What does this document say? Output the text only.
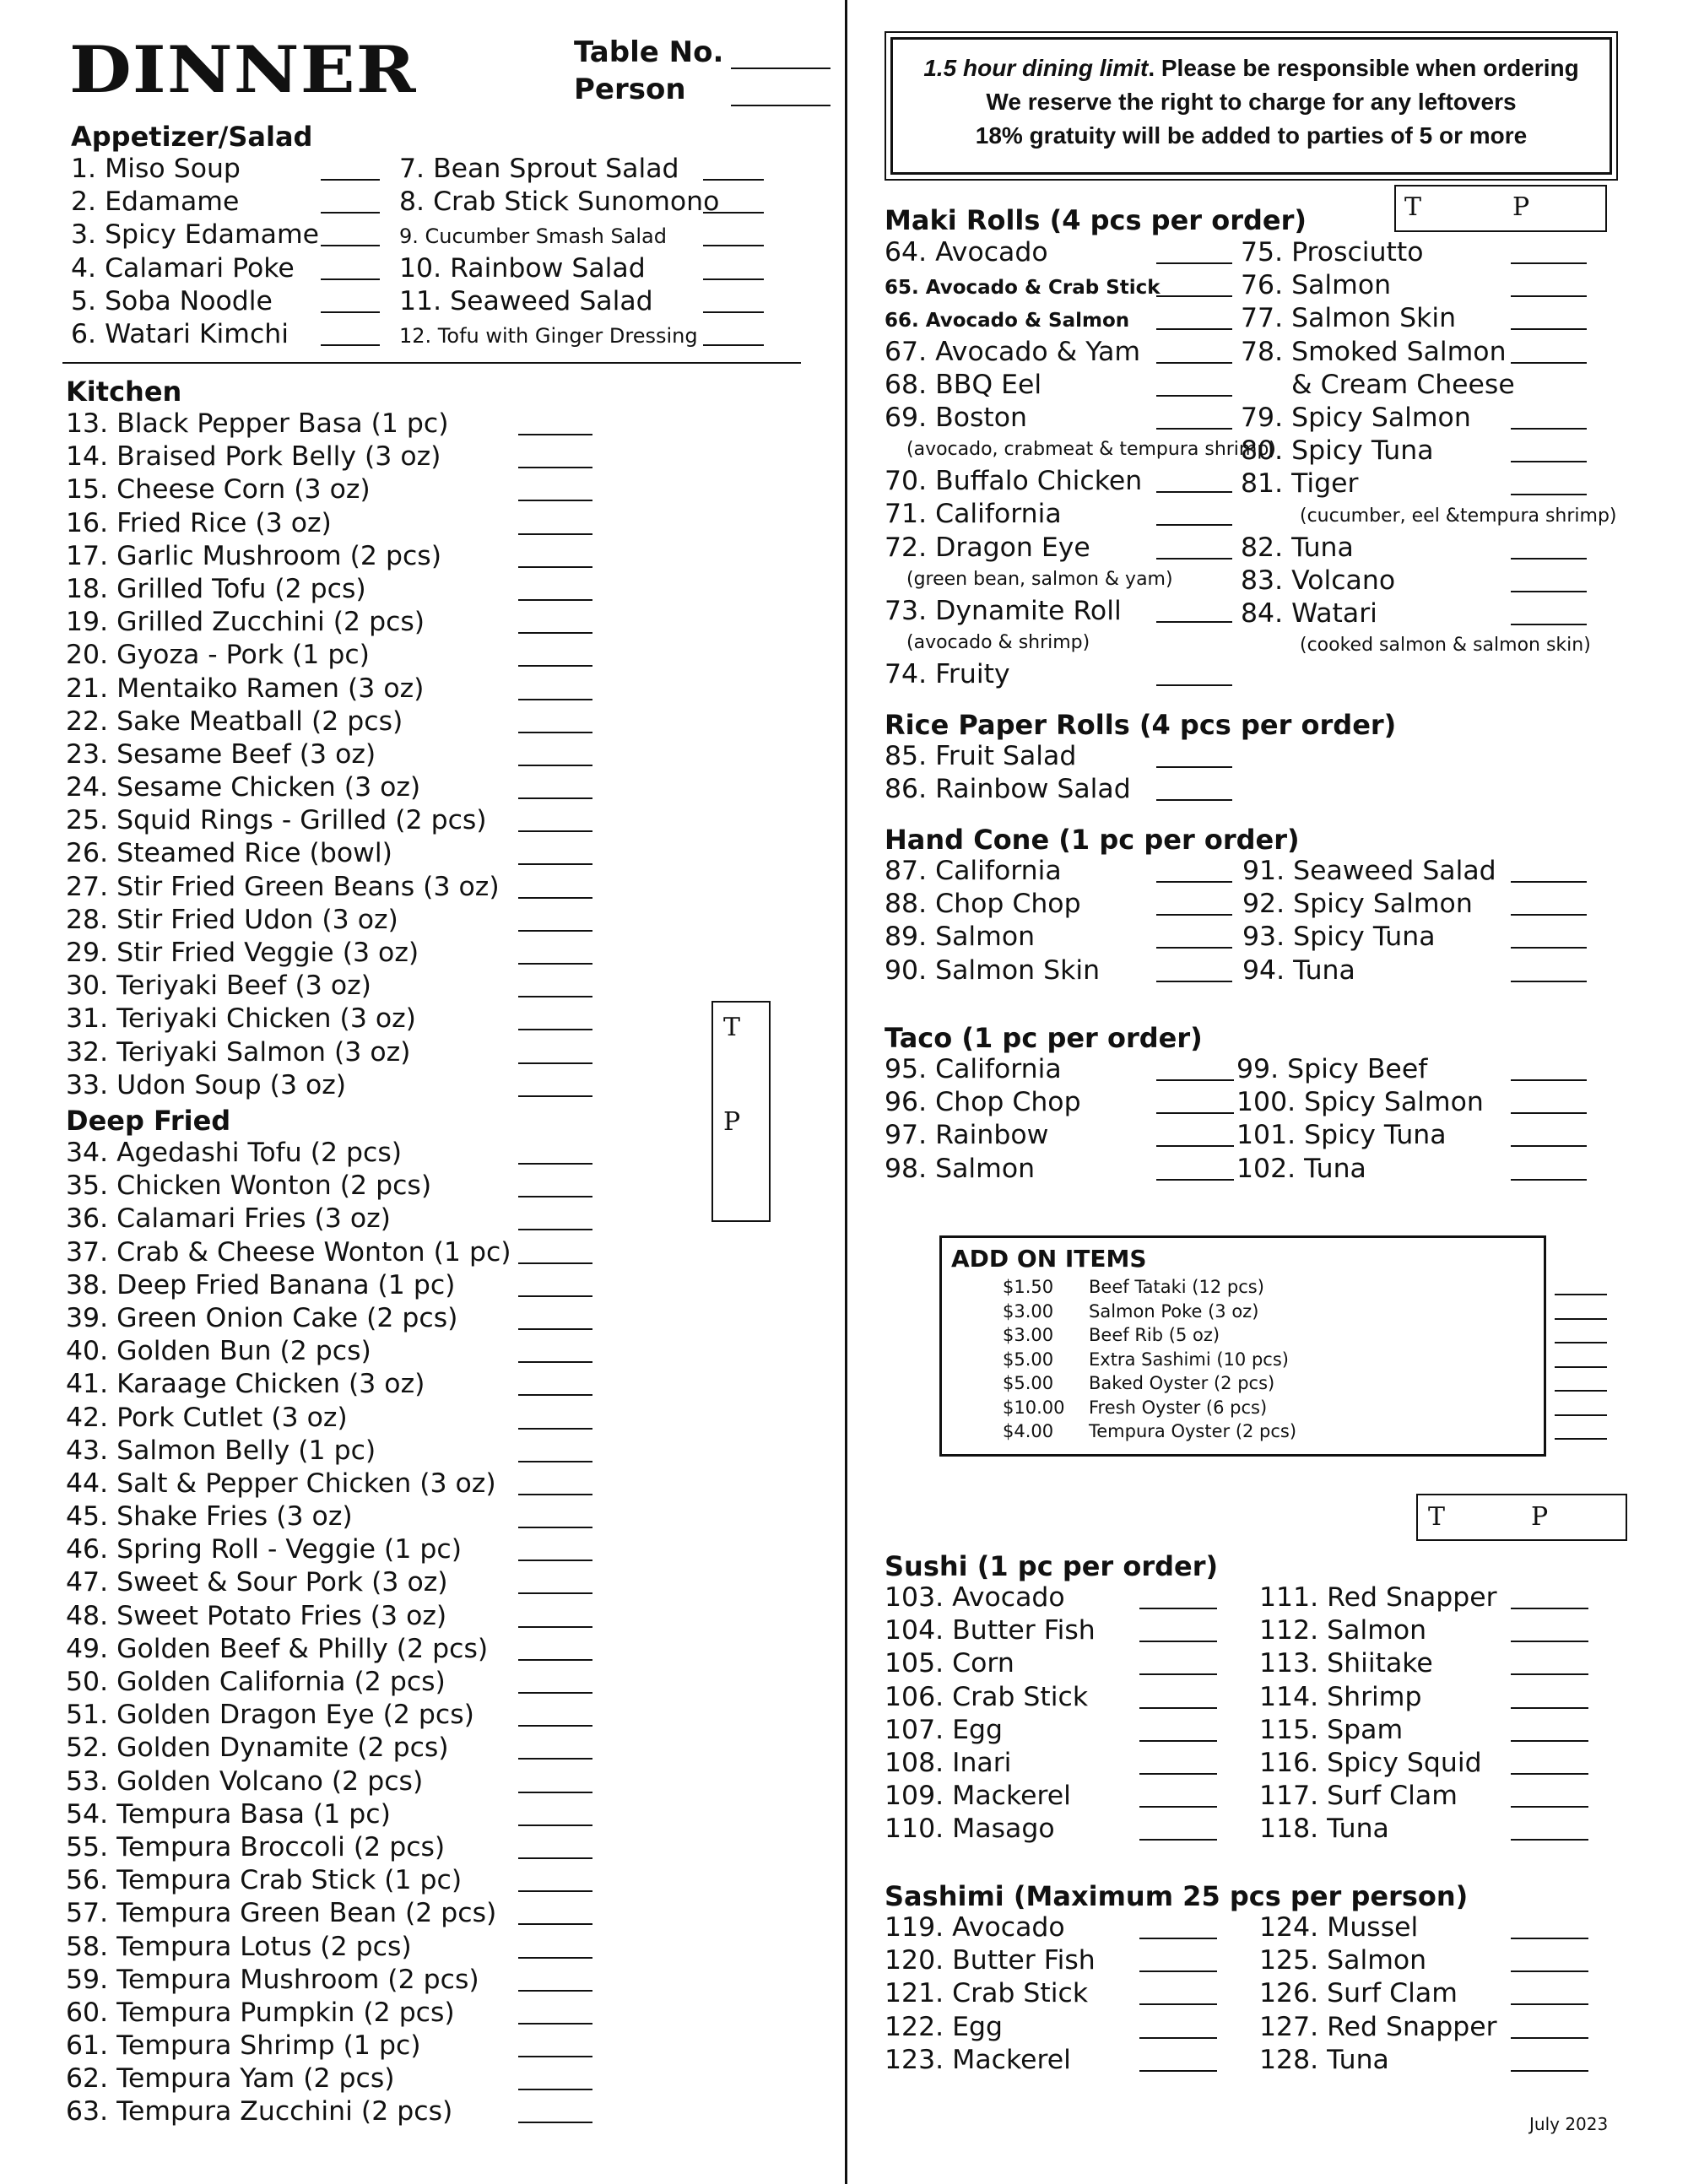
DINNER	Table No.
Person
1.5 hour dining limit. Please be responsible when ordering
We reserve the right to charge for any leftovers
18% gratuity will be added to parties of 5 or more
Appetizer/Salad
1. Miso Soup
2. Edamame
3. Spicy Edamame
4. Calamari Poke
5. Soba Noodle
6. Watari Kimchi
7. Bean Sprout Salad
8. Crab Stick Sunomono
9. Cucumber Smash Salad
10. Rainbow Salad
11. Seaweed Salad
12. Tofu with Ginger Dressing
Kitchen
13. Black Pepper Basa (1 pc)
14. Braised Pork Belly (3 oz)
15. Cheese Corn (3 oz)
16. Fried Rice (3 oz)
17. Garlic Mushroom (2 pcs)
18. Grilled Tofu (2 pcs)
19. Grilled Zucchini (2 pcs)
20. Gyoza - Pork (1 pc)
21. Mentaiko Ramen (3 oz)
22. Sake Meatball (2 pcs)
23. Sesame Beef (3 oz)
24. Sesame Chicken (3 oz)
25. Squid Rings - Grilled (2 pcs)
26. Steamed Rice (bowl)
27. Stir Fried Green Beans (3 oz)
28. Stir Fried Udon (3 oz)
29. Stir Fried Veggie (3 oz)
30. Teriyaki Beef (3 oz)
31. Teriyaki Chicken (3 oz)
32. Teriyaki Salmon (3 oz)
33. Udon Soup (3 oz)
Deep Fried
34. Agedashi Tofu (2 pcs)
35. Chicken Wonton (2 pcs)
36. Calamari Fries (3 oz)
37. Crab & Cheese Wonton (1 pc)
38. Deep Fried Banana (1 pc)
39. Green Onion Cake (2 pcs)
40. Golden Bun (2 pcs)
41. Karaage Chicken (3 oz)
42. Pork Cutlet (3 oz)
43. Salmon Belly (1 pc)
44. Salt & Pepper Chicken (3 oz)
45. Shake Fries (3 oz)
46. Spring Roll - Veggie (1 pc)
47. Sweet & Sour Pork (3 oz)
48. Sweet Potato Fries (3 oz)
49. Golden Beef & Philly (2 pcs)
50. Golden California (2 pcs)
51. Golden Dragon Eye (2 pcs)
52. Golden Dynamite (2 pcs)
53. Golden Volcano (2 pcs)
54. Tempura Basa (1 pc)
55. Tempura Broccoli (2 pcs)
56. Tempura Crab Stick (1 pc)
57. Tempura Green Bean (2 pcs)
58. Tempura Lotus (2 pcs)
59. Tempura Mushroom (2 pcs)
60. Tempura Pumpkin (2 pcs)
61. Tempura Shrimp (1 pc)
62. Tempura Yam (2 pcs)
63. Tempura Zucchini (2 pcs)
T
P
Maki Rolls (4 pcs per order)	T	P
64. Avocado
65. Avocado & Crab Stick
66. Avocado & Salmon
67. Avocado & Yam
68. BBQ Eel
69. Boston
(avocado, crabmeat & tempura shrimp)
70. Buffalo Chicken
71. California
72. Dragon Eye
(green bean, salmon & yam)
73. Dynamite Roll
(avocado & shrimp)
74. Fruity
75. Prosciutto
76. Salmon
77. Salmon Skin
78. Smoked Salmon
& Cream Cheese
79. Spicy Salmon
80. Spicy Tuna
81. Tiger
(cucumber, eel &tempura shrimp)
82. Tuna
83. Volcano
84. Watari
(cooked salmon & salmon skin)
Rice Paper Rolls (4 pcs per order)
85. Fruit Salad
86. Rainbow Salad
Hand Cone (1 pc per order)
87. California
88. Chop Chop
89. Salmon
90. Salmon Skin
91. Seaweed Salad
92. Spicy Salmon
93. Spicy Tuna
94. Tuna
Taco (1 pc per order)
95. California
96. Chop Chop
97. Rainbow
98. Salmon
99. Spicy Beef
100. Spicy Salmon
101. Spicy Tuna
102. Tuna
ADD ON ITEMS
$1.50 Beef Tataki (12 pcs)
$3.00 Salmon Poke (3 oz)
$3.00 Beef Rib (5 oz)
$5.00 Extra Sashimi (10 pcs)
$5.00 Baked Oyster (2 pcs)
$10.00 Fresh Oyster (6 pcs)
$4.00 Tempura Oyster (2 pcs)
T	P
Sushi (1 pc per order)
103. Avocado
104. Butter Fish
105. Corn
106. Crab Stick
107. Egg
108. Inari
109. Mackerel
110. Masago
111. Red Snapper
112. Salmon
113. Shiitake
114. Shrimp
115. Spam
116. Spicy Squid
117. Surf Clam
118. Tuna
Sashimi (Maximum 25 pcs per person)
119. Avocado
120. Butter Fish
121. Crab Stick
122. Egg
123. Mackerel
124. Mussel
125. Salmon
126. Surf Clam
127. Red Snapper
128. Tuna
July 2023
